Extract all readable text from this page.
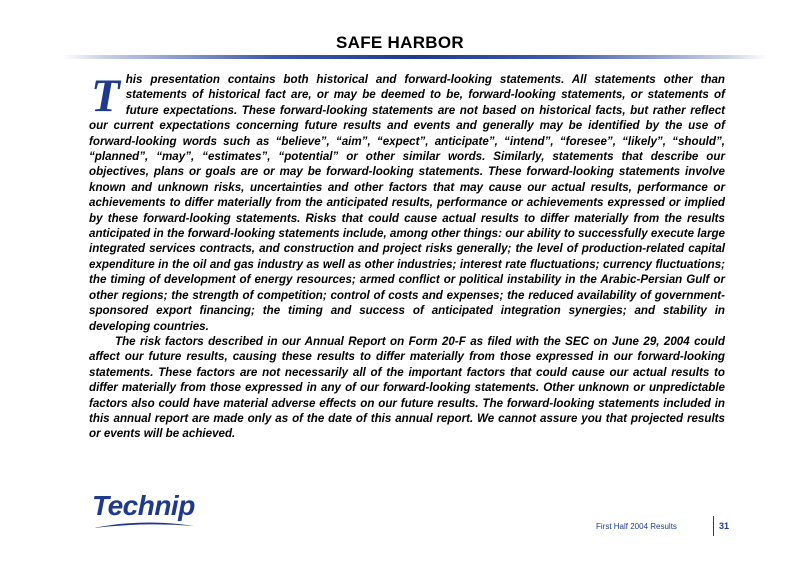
SAFE HARBOR

This presentation contains both historical and forward-looking statements. All statements other than statements of historical fact are, or may be deemed to be, forward-looking statements, or statements of future expectations. These forward-looking statements are not based on historical facts, but rather reflect our current expectations concerning future results and events and generally may be identified by the use of forward-looking words such as “believe”, “aim”, “expect”, anticipate”, “intend”, “foresee”, “likely”, “should”, “planned”, “may”, “estimates”, “potential” or other similar words. Similarly, statements that describe our objectives, plans or goals are or may be forward-looking statements. These forward-looking statements involve known and unknown risks, uncertainties and other factors that may cause our actual results, performance or achievements to differ materially from the anticipated results, performance or achievements expressed or implied by these forward-looking statements. Risks that could cause actual results to differ materially from the results anticipated in the forward-looking statements include, among other things: our ability to successfully execute large integrated services contracts, and construction and project risks generally; the level of production-related capital expenditure in the oil and gas industry as well as other industries; interest rate fluctuations; currency fluctuations; the timing of development of energy resources; armed conflict or political instability in the Arabic-Persian Gulf or other regions; the strength of competition; control of costs and expenses; the reduced availability of government-sponsored export financing; the timing and success of anticipated integration synergies; and stability in developing countries.

The risk factors described in our Annual Report on Form 20-F as filed with the SEC on June 29, 2004 could affect our future results, causing these results to differ materially from those expressed in our forward-looking statements. These factors are not necessarily all of the important factors that could cause our actual results to differ materially from those expressed in any of our forward-looking statements. Other unknown or unpredictable factors also could have material adverse effects on our future results. The forward-looking statements included in this annual report are made only as of the date of this annual report. We cannot assure you that projected results or events will be achieved.

Technip
First Half 2004 Results	31
